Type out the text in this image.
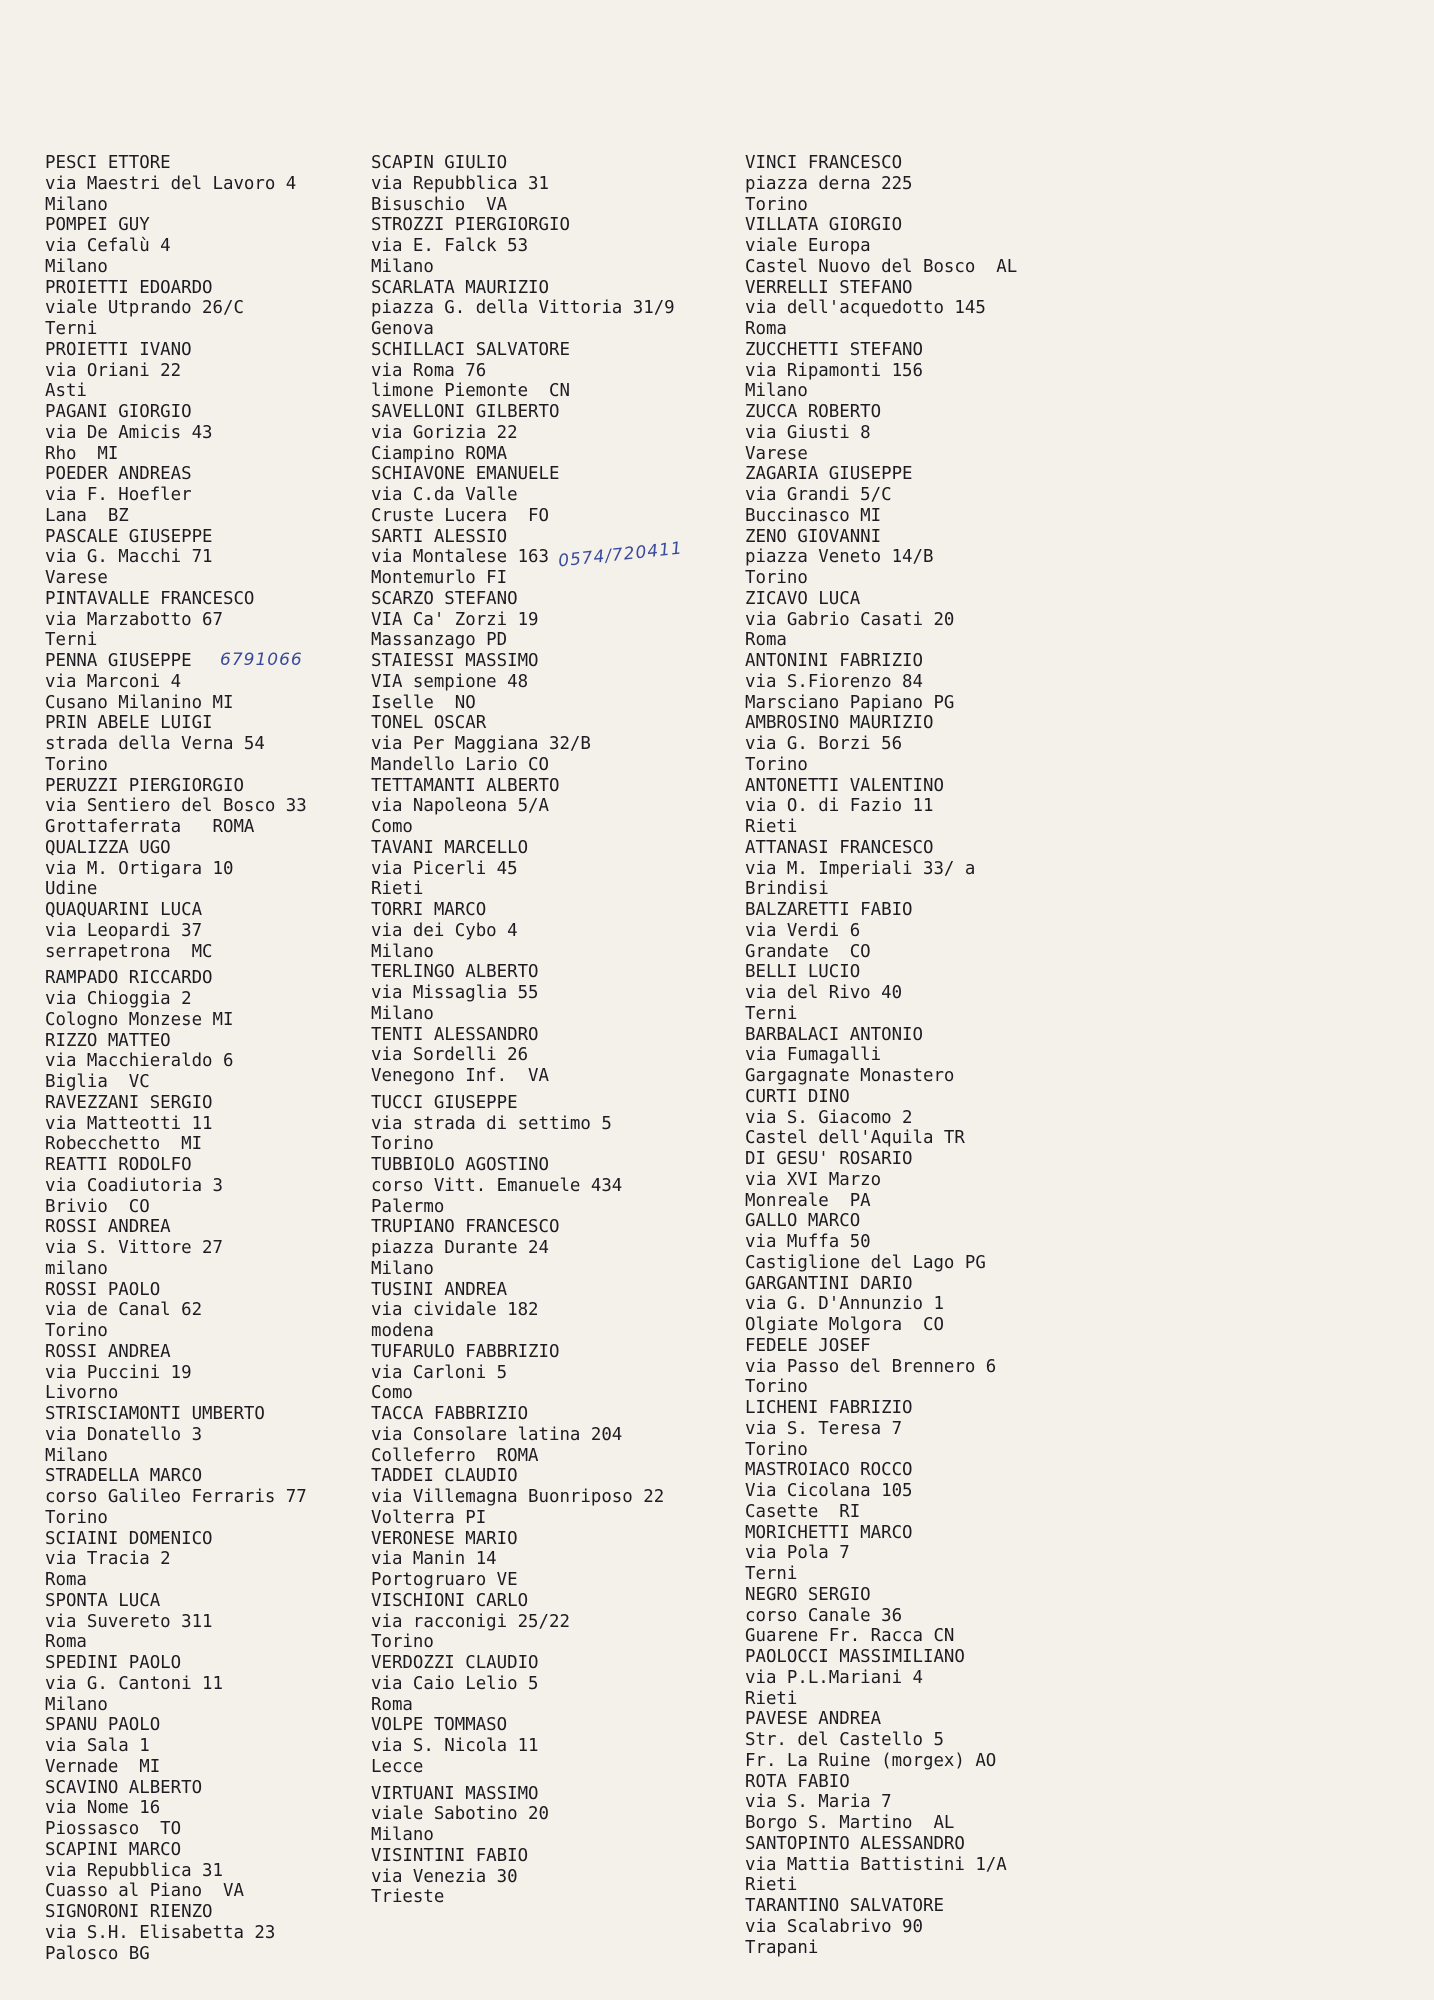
PESCI ETTORE
via Maestri del Lavoro 4
Milano
POMPEI GUY
via Cefalù 4
Milano
PROIETTI EDOARDO
viale Utprando 26/C
Terni
PROIETTI IVANO
via Oriani 22
Asti
PAGANI GIORGIO
via De Amicis 43
Rho  MI
POEDER ANDREAS
via F. Hoefler
Lana  BZ
PASCALE GIUSEPPE
via G. Macchi 71
Varese
PINTAVALLE FRANCESCO
via Marzabotto 67
Terni
PENNA GIUSEPPE
via Marconi 4
Cusano Milanino MI
PRIN ABELE LUIGI
strada della Verna 54
Torino
PERUZZI PIERGIORGIO
via Sentiero del Bosco 33
Grottaferrata   ROMA
QUALIZZA UGO
via M. Ortigara 10
Udine
QUAQUARINI LUCA
via Leopardi 37
serrapetrona  MC
RAMPADO RICCARDO
via Chioggia 2
Cologno Monzese MI
RIZZO MATTEO
via Macchieraldo 6
Biglia  VC
RAVEZZANI SERGIO
via Matteotti 11
Robecchetto  MI
REATTI RODOLFO
via Coadiutoria 3
Brivio  CO
ROSSI ANDREA
via S. Vittore 27
milano
ROSSI PAOLO
via de Canal 62
Torino
ROSSI ANDREA
via Puccini 19
Livorno
STRISCIAMONTI UMBERTO
via Donatello 3
Milano
STRADELLA MARCO
corso Galileo Ferraris 77
Torino
SCIAINI DOMENICO
via Tracia 2
Roma
SPONTA LUCA
via Suvereto 311
Roma
SPEDINI PAOLO
via G. Cantoni 11
Milano
SPANU PAOLO
via Sala 1
Vernade  MI
SCAVINO ALBERTO
via Nome 16
Piossasco  TO
SCAPINI MARCO
via Repubblica 31
Cuasso al Piano  VA
SIGNORONI RIENZO
via S.H. Elisabetta 23
Palosco BG
SCAPIN GIULIO
via Repubblica 31
Bisuschio  VA
STROZZI PIERGIORGIO
via E. Falck 53
Milano
SCARLATA MAURIZIO
piazza G. della Vittoria 31/9
Genova
SCHILLACI SALVATORE
via Roma 76
limone Piemonte  CN
SAVELLONI GILBERTO
via Gorizia 22
Ciampino ROMA
SCHIAVONE EMANUELE
via C.da Valle
Cruste Lucera  FO
SARTI ALESSIO
via Montalese 163
Montemurlo FI
SCARZO STEFANO
VIA Ca' Zorzi 19
Massanzago PD
STAIESSI MASSIMO
VIA sempione 48
Iselle  NO
TONEL OSCAR
via Per Maggiana 32/B
Mandello Lario CO
TETTAMANTI ALBERTO
via Napoleona 5/A
Como
TAVANI MARCELLO
via Picerli 45
Rieti
TORRI MARCO
via dei Cybo 4
Milano
TERLINGO ALBERTO
via Missaglia 55
Milano
TENTI ALESSANDRO
via Sordelli 26
Venegono Inf.  VA
TUCCI GIUSEPPE
via strada di settimo 5
Torino
TUBBIOLO AGOSTINO
corso Vitt. Emanuele 434
Palermo
TRUPIANO FRANCESCO
piazza Durante 24
Milano
TUSINI ANDREA
via cividale 182
modena
TUFARULO FABBRIZIO
via Carloni 5
Como
TACCA FABBRIZIO
via Consolare latina 204
Colleferro  ROMA
TADDEI CLAUDIO
via Villemagna Buonriposo 22
Volterra PI
VERONESE MARIO
via Manin 14
Portogruaro VE
VISCHIONI CARLO
via racconigi 25/22
Torino
VERDOZZI CLAUDIO
via Caio Lelio 5
Roma
VOLPE TOMMASO
via S. Nicola 11
Lecce
VIRTUANI MASSIMO
viale Sabotino 20
Milano
VISINTINI FABIO
via Venezia 30
Trieste
VINCI FRANCESCO
piazza derna 225
Torino
VILLATA GIORGIO
viale Europa
Castel Nuovo del Bosco  AL
VERRELLI STEFANO
via dell'acquedotto 145
Roma
ZUCCHETTI STEFANO
via Ripamonti 156
Milano
ZUCCA ROBERTO
via Giusti 8
Varese
ZAGARIA GIUSEPPE
via Grandi 5/C
Buccinasco MI
ZENO GIOVANNI
piazza Veneto 14/B
Torino
ZICAVO LUCA
via Gabrio Casati 20
Roma
ANTONINI FABRIZIO
via S.Fiorenzo 84
Marsciano Papiano PG
AMBROSINO MAURIZIO
via G. Borzi 56
Torino
ANTONETTI VALENTINO
via O. di Fazio 11
Rieti
ATTANASI FRANCESCO
via M. Imperiali 33/ a
Brindisi
BALZARETTI FABIO
via Verdi 6
Grandate  CO
BELLI LUCIO
via del Rivo 40
Terni
BARBALACI ANTONIO
via Fumagalli
Gargagnate Monastero
CURTI DINO
via S. Giacomo 2
Castel dell'Aquila TR
DI GESU' ROSARIO
via XVI Marzo
Monreale  PA
GALLO MARCO
via Muffa 50
Castiglione del Lago PG
GARGANTINI DARIO
via G. D'Annunzio 1
Olgiate Molgora  CO
FEDELE JOSEF
via Passo del Brennero 6
Torino
LICHENI FABRIZIO
via S. Teresa 7
Torino
MASTROIACO ROCCO
Via Cicolana 105
Casette  RI
MORICHETTI MARCO
via Pola 7
Terni
NEGRO SERGIO
corso Canale 36
Guarene Fr. Racca CN
PAOLOCCI MASSIMILIANO
via P.L.Mariani 4
Rieti
PAVESE ANDREA
Str. del Castello 5
Fr. La Ruine (morgex) AO
ROTA FABIO
via S. Maria 7
Borgo S. Martino  AL
SANTOPINTO ALESSANDRO
via Mattia Battistini 1/A
Rieti
TARANTINO SALVATORE
via Scalabrivo 90
Trapani
6791066
0574/720411
